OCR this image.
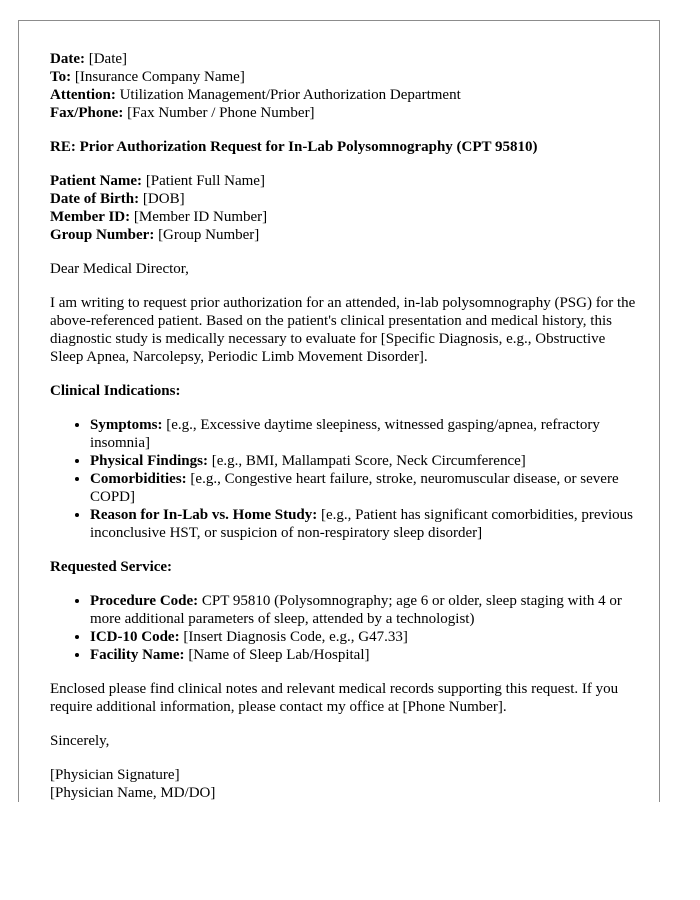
Date: [Date]
To: [Insurance Company Name]
Attention: Utilization Management/Prior Authorization Department
Fax/Phone: [Fax Number / Phone Number]

RE: Prior Authorization Request for In-Lab Polysomnography (CPT 95810)

Patient Name: [Patient Full Name]
Date of Birth: [DOB]
Member ID: [Member ID Number]
Group Number: [Group Number]

Dear Medical Director,

I am writing to request prior authorization for an attended, in-lab polysomnography (PSG) for the above-referenced patient. Based on the patient's clinical presentation and medical history, this diagnostic study is medically necessary to evaluate for [Specific Diagnosis, e.g., Obstructive Sleep Apnea, Narcolepsy, Periodic Limb Movement Disorder].

Clinical Indications:

• Symptoms: [e.g., Excessive daytime sleepiness, witnessed gasping/apnea, refractory insomnia]
• Physical Findings: [e.g., BMI, Mallampati Score, Neck Circumference]
• Comorbidities: [e.g., Congestive heart failure, stroke, neuromuscular disease, or severe COPD]
• Reason for In-Lab vs. Home Study: [e.g., Patient has significant comorbidities, previous inconclusive HST, or suspicion of non-respiratory sleep disorder]

Requested Service:

• Procedure Code: CPT 95810 (Polysomnography; age 6 or older, sleep staging with 4 or more additional parameters of sleep, attended by a technologist)
• ICD-10 Code: [Insert Diagnosis Code, e.g., G47.33]
• Facility Name: [Name of Sleep Lab/Hospital]

Enclosed please find clinical notes and relevant medical records supporting this request. If you require additional information, please contact my office at [Phone Number].

Sincerely,

[Physician Signature]
[Physician Name, MD/DO]
